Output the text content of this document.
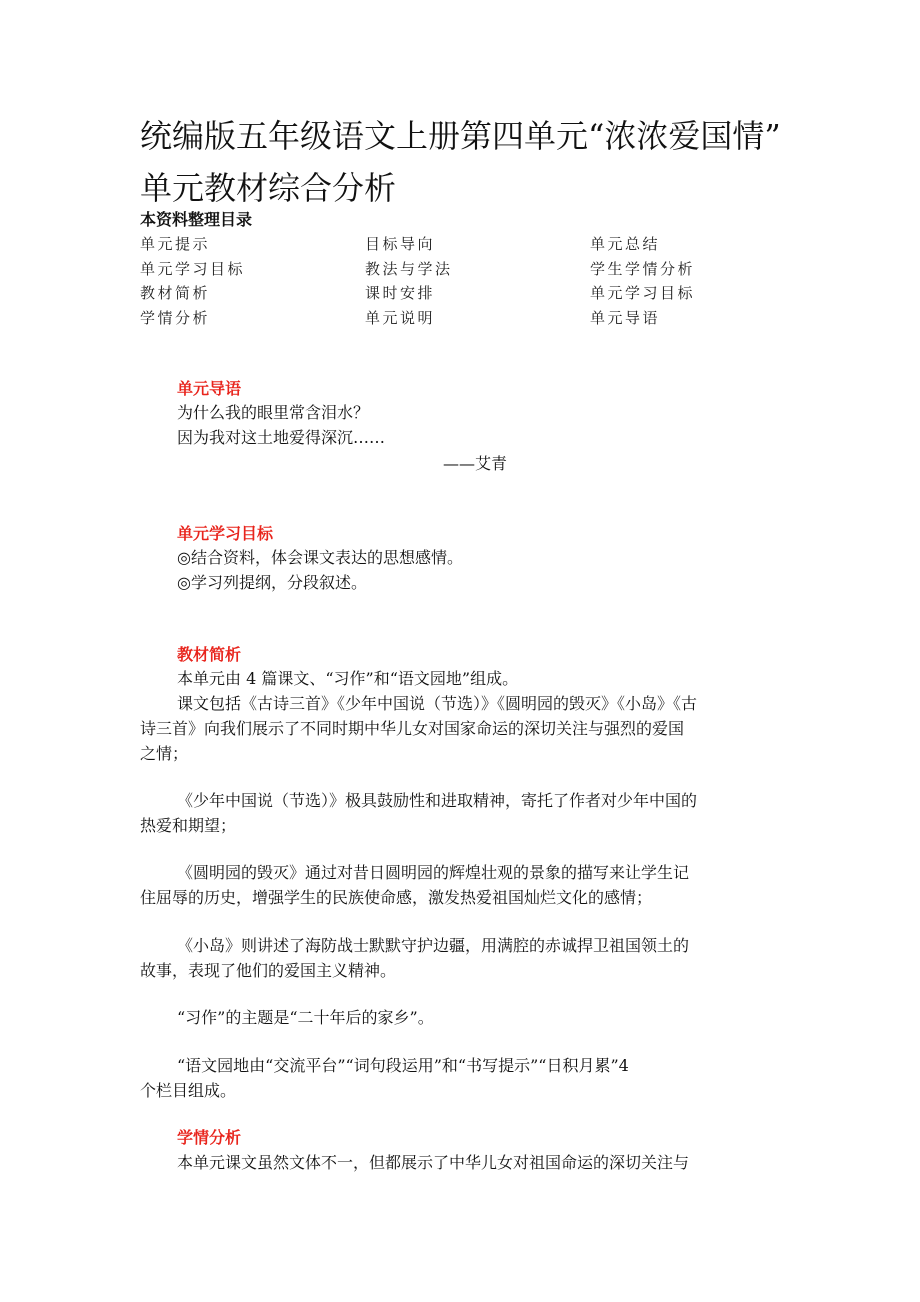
统编版五年级语文上册第四单元“浓浓爱国情”
单元教材综合分析
本资料整理目录
单元提示	目标导向	单元总结
单元学习目标	教法与学法	学生学情分析
教材简析	课时安排	单元学习目标
学情分析	单元说明	单元导语
单元导语
为什么我的眼里常含泪水？
因为我对这土地爱得深沉……
——艾青
单元学习目标
◎结合资料，体会课文表达的思想感情。
◎学习列提纲，分段叙述。
教材简析
本单元由 4 篇课文、“习作”和“语文园地”组成。
课文包括《古诗三首》《少年中国说（节选）》《圆明园的毁灭》《小岛》《古
诗三首》向我们展示了不同时期中华儿女对国家命运的深切关注与强烈的爱国
之情；
《少年中国说（节选）》极具鼓励性和进取精神，寄托了作者对少年中国的
热爱和期望；
《圆明园的毁灭》通过对昔日圆明园的辉煌壮观的景象的描写来让学生记
住屈辱的历史，增强学生的民族使命感，激发热爱祖国灿烂文化的感情；
《小岛》则讲述了海防战士默默守护边疆，用满腔的赤诚捍卫祖国领土的
故事，表现了他们的爱国主义精神。
“习作”的主题是“二十年后的家乡”。
“语文园地由“交流平台”“词句段运用”和“书写提示”“日积月累”4
个栏目组成。
学情分析
本单元课文虽然文体不一，但都展示了中华儿女对祖国命运的深切关注与
